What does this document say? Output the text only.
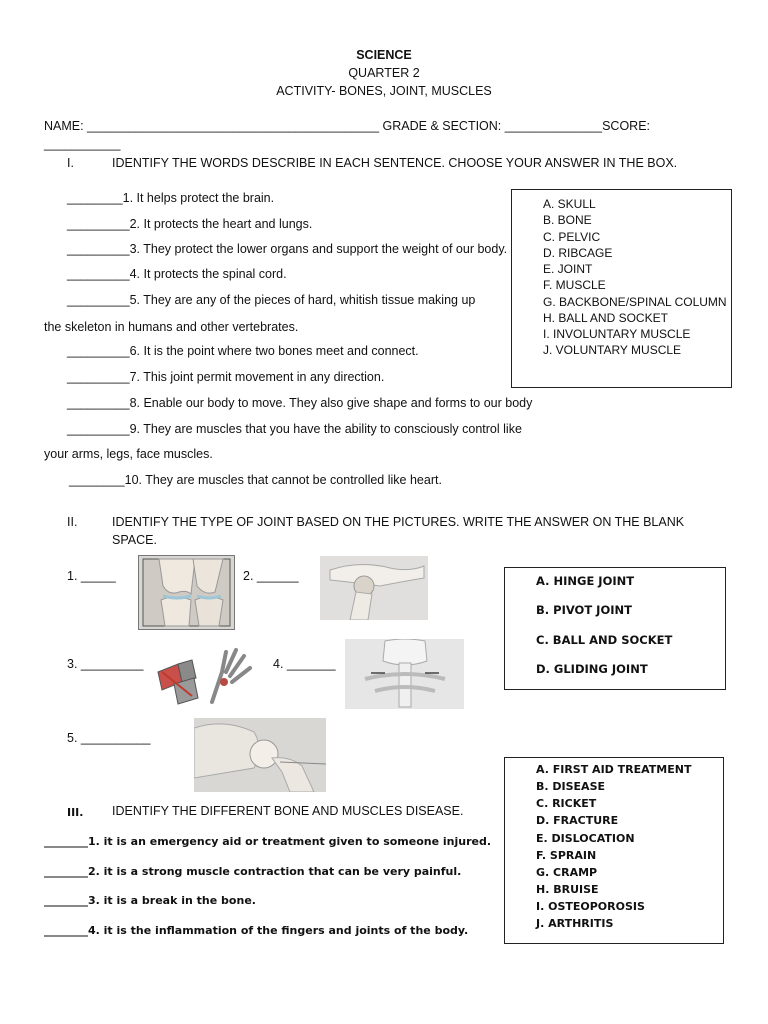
SCIENCE
QUARTER 2
ACTIVITY- BONES, JOINT, MUSCLES
NAME: __________________________________________ GRADE & SECTION: ______________SCORE:
___________
I.	IDENTIFY THE WORDS DESCRIBE IN EACH SENTENCE. CHOOSE YOUR ANSWER IN THE BOX.
________1. It helps protect the brain.
_________2. It protects the heart and lungs.
_________3. They protect the lower organs and support the weight of our body.
_________4. It protects the spinal cord.
_________5. They are any of the pieces of hard, whitish tissue making up
the skeleton in humans and other vertebrates.
_________6. It is the point where two bones meet and connect.
_________7. This joint permit movement in any direction.
_________8. Enable our body to move. They also give shape and forms to our body
_________9. They are muscles that you have the ability to consciously control like
your arms, legs, face muscles.
________10. They are muscles that cannot be controlled like heart.
A. SKULL
B. BONE
C. PELVIC
D. RIBCAGE
E. JOINT
F. MUSCLE
G. BACKBONE/SPINAL COLUMN
H. BALL AND SOCKET
I. INVOLUNTARY MUSCLE
J. VOLUNTARY MUSCLE
II.	IDENTIFY THE TYPE OF JOINT BASED ON THE PICTURES. WRITE THE ANSWER ON THE BLANK
SPACE.
1. _____	2. ______
3. _________	4. _______
5. __________
A. HINGE JOINT
B. PIVOT JOINT
C. BALL AND SOCKET
D. GLIDING JOINT
III. IDENTIFY THE DIFFERENT BONE AND MUSCLES DISEASE.
________1. it is an emergency aid or treatment given to someone injured.
________2. it is a strong muscle contraction that can be very painful.
________3. it is a break in the bone.
________4. it is the inflammation of the fingers and joints of the body.
A. FIRST AID TREATMENT
B. DISEASE
C. RICKET
D. FRACTURE
E. DISLOCATION
F. SPRAIN
G. CRAMP
H. BRUISE
I. OSTEOPOROSIS
J. ARTHRITIS
